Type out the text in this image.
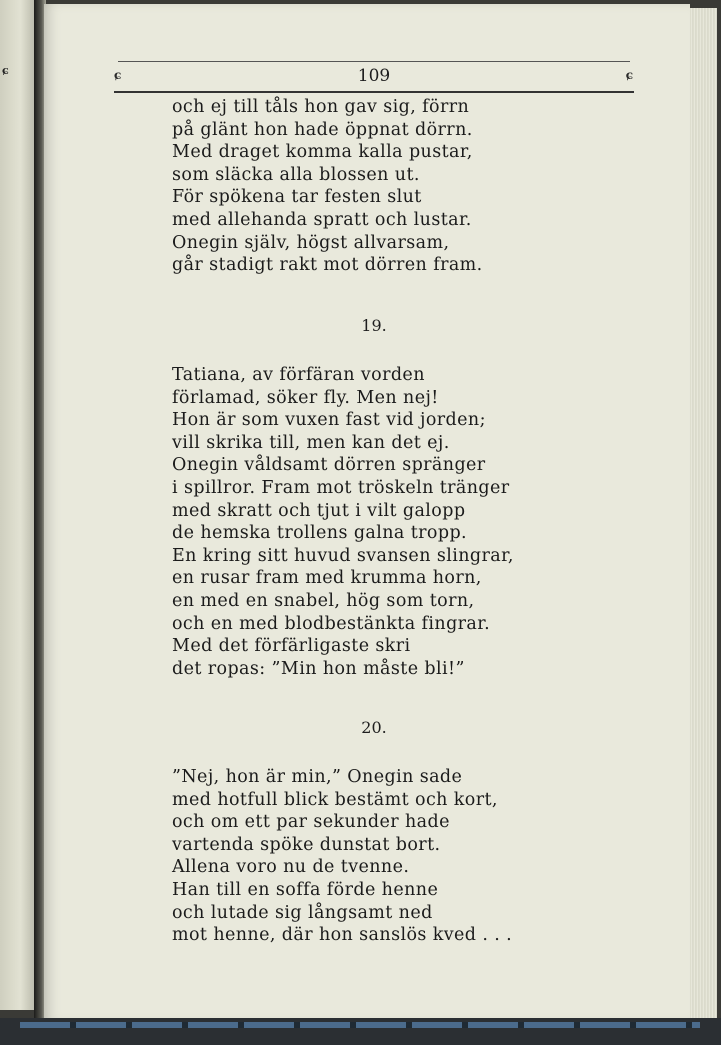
ɕ	ɕ	109	ɕ
och ej till tåls hon gav sig, förrn
på glänt hon hade öppnat dörrn.
Med draget komma kalla pustar,
som släcka alla blossen ut.
För spökena tar festen slut
med allehanda spratt och lustar.
Onegin själv, högst allvarsam,
går stadigt rakt mot dörren fram.
19.
Tatiana, av förfäran vorden
förlamad, söker fly. Men nej!
Hon är som vuxen fast vid jorden;
vill skrika till, men kan det ej.
Onegin våldsamt dörren spränger
i spillror. Fram mot tröskeln tränger
med skratt och tjut i vilt galopp
de hemska trollens galna tropp.
En kring sitt huvud svansen slingrar,
en rusar fram med krumma horn,
en med en snabel, hög som torn,
och en med blodbestänkta fingrar.
Med det förfärligaste skri
det ropas: ”Min hon måste bli!”
20.
”Nej, hon är min,” Onegin sade
med hotfull blick bestämt och kort,
och om ett par sekunder hade
vartenda spöke dunstat bort.
Allena voro nu de tvenne.
Han till en soffa förde henne
och lutade sig långsamt ned
mot henne, där hon sanslös kved . . .
